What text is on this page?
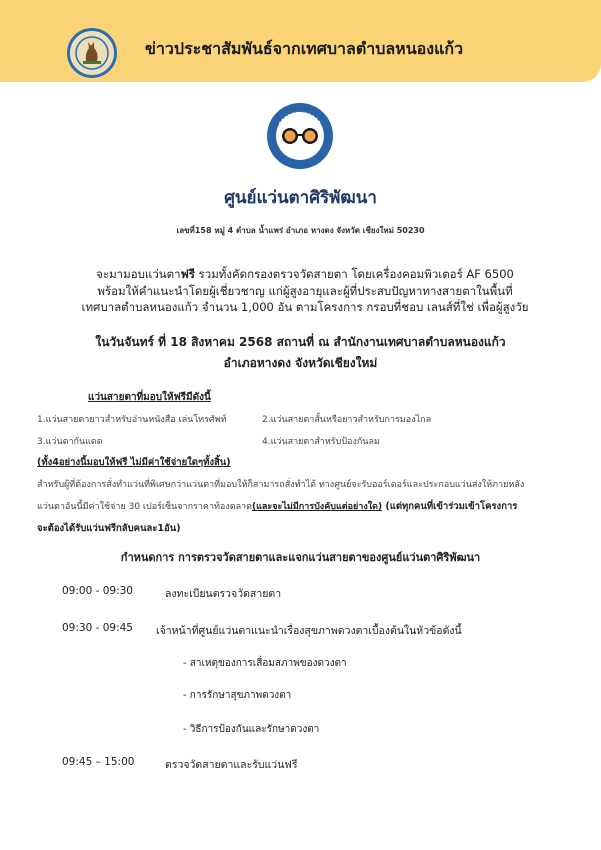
ข่าวประชาสัมพันธ์จากเทศบาลตำบลหนองแก้ว
ศูนย์แว่นตาศิริพัฒนา
เลขที่158 หมู่ 4 ตำบล น้ำแพร่ อำเภอ หางดง จังหวัด เชียงใหม่ 50230
จะมามอบแว่นตาฟรี รวมทั้งคัดกรองตรวจวัดสายตา โดยเครื่องคอมพิวเตอร์ AF 6500
พร้อมให้คำแนะนำโดยผู้เชี่ยวชาญ แก่ผู้สูงอายุและผู้ที่ประสบปัญหาทางสายตาในพื้นที่
เทศบาลตำบลหนองแก้ว จำนวน 1,000 อัน ตามโครงการ กรอบที่ชอบ เลนส์ที่ใช่ เพื่อผู้สูงวัย
ในวันจันทร์ ที่ 18 สิงหาคม 2568 สถานที่ ณ สำนักงานเทศบาลตำบลหนองแก้ว
อำเภอหางดง จังหวัดเชียงใหม่
แว่นสายตาที่มอบให้ฟรีมีดังนี้
1.แว่นสายตายาวสำหรับอ่านหนังสือ เล่นโทรศัพท์	2.แว่นสายตาสั้นหรือยาวสำหรับการมองไกล
3.แว่นตากันแดด	4.แว่นสายตาสำหรับป้องกันลม
(ทั้ง4อย่างนี้มอบให้ฟรี ไม่มีค่าใช้จ่ายใดๆทั้งสิ้น)
สำหรับผู้ที่ต้องการสั่งทำแว่นที่พิเศษกว่าแว่นตาที่มอบให้ก็สามารถสั่งทำได้ ทางศูนย์จะรับออร์เดอร์และประกอบแว่นส่งให้ภายหลัง
แว่นตาอันนี้มีค่าใช้จ่าย 30 เปอร์เซ็นจากราคาท้องตลาด(และจะไม่มีการบังคับแต่อย่างใด) (แต่ทุกคนที่เข้าร่วมเข้าโครงการ
จะต้องได้รับแว่นฟรีกลับคนละ1อัน)
กำหนดการ การตรวจวัดสายตาและแจกแว่นสายตาของศูนย์แว่นตาศิริพัฒนา
09:00 - 09:30	ลงทะเบียนตรวจวัดสายตา
09:30 - 09:45 เจ้าหน้าที่ศูนย์แว่นตาแนะนำเรื่องสุขภาพดวงตาเบื้องต้นในหัวข้อดังนี้
- สาเหตุของการเสื่อมสภาพของดวงตา
- การรักษาสุขภาพดวงตา
- วิธีการป้องกันและรักษาดวงตา
09:45 – 15:00	ตรวจวัดสายตาและรับแว่นฟรี
